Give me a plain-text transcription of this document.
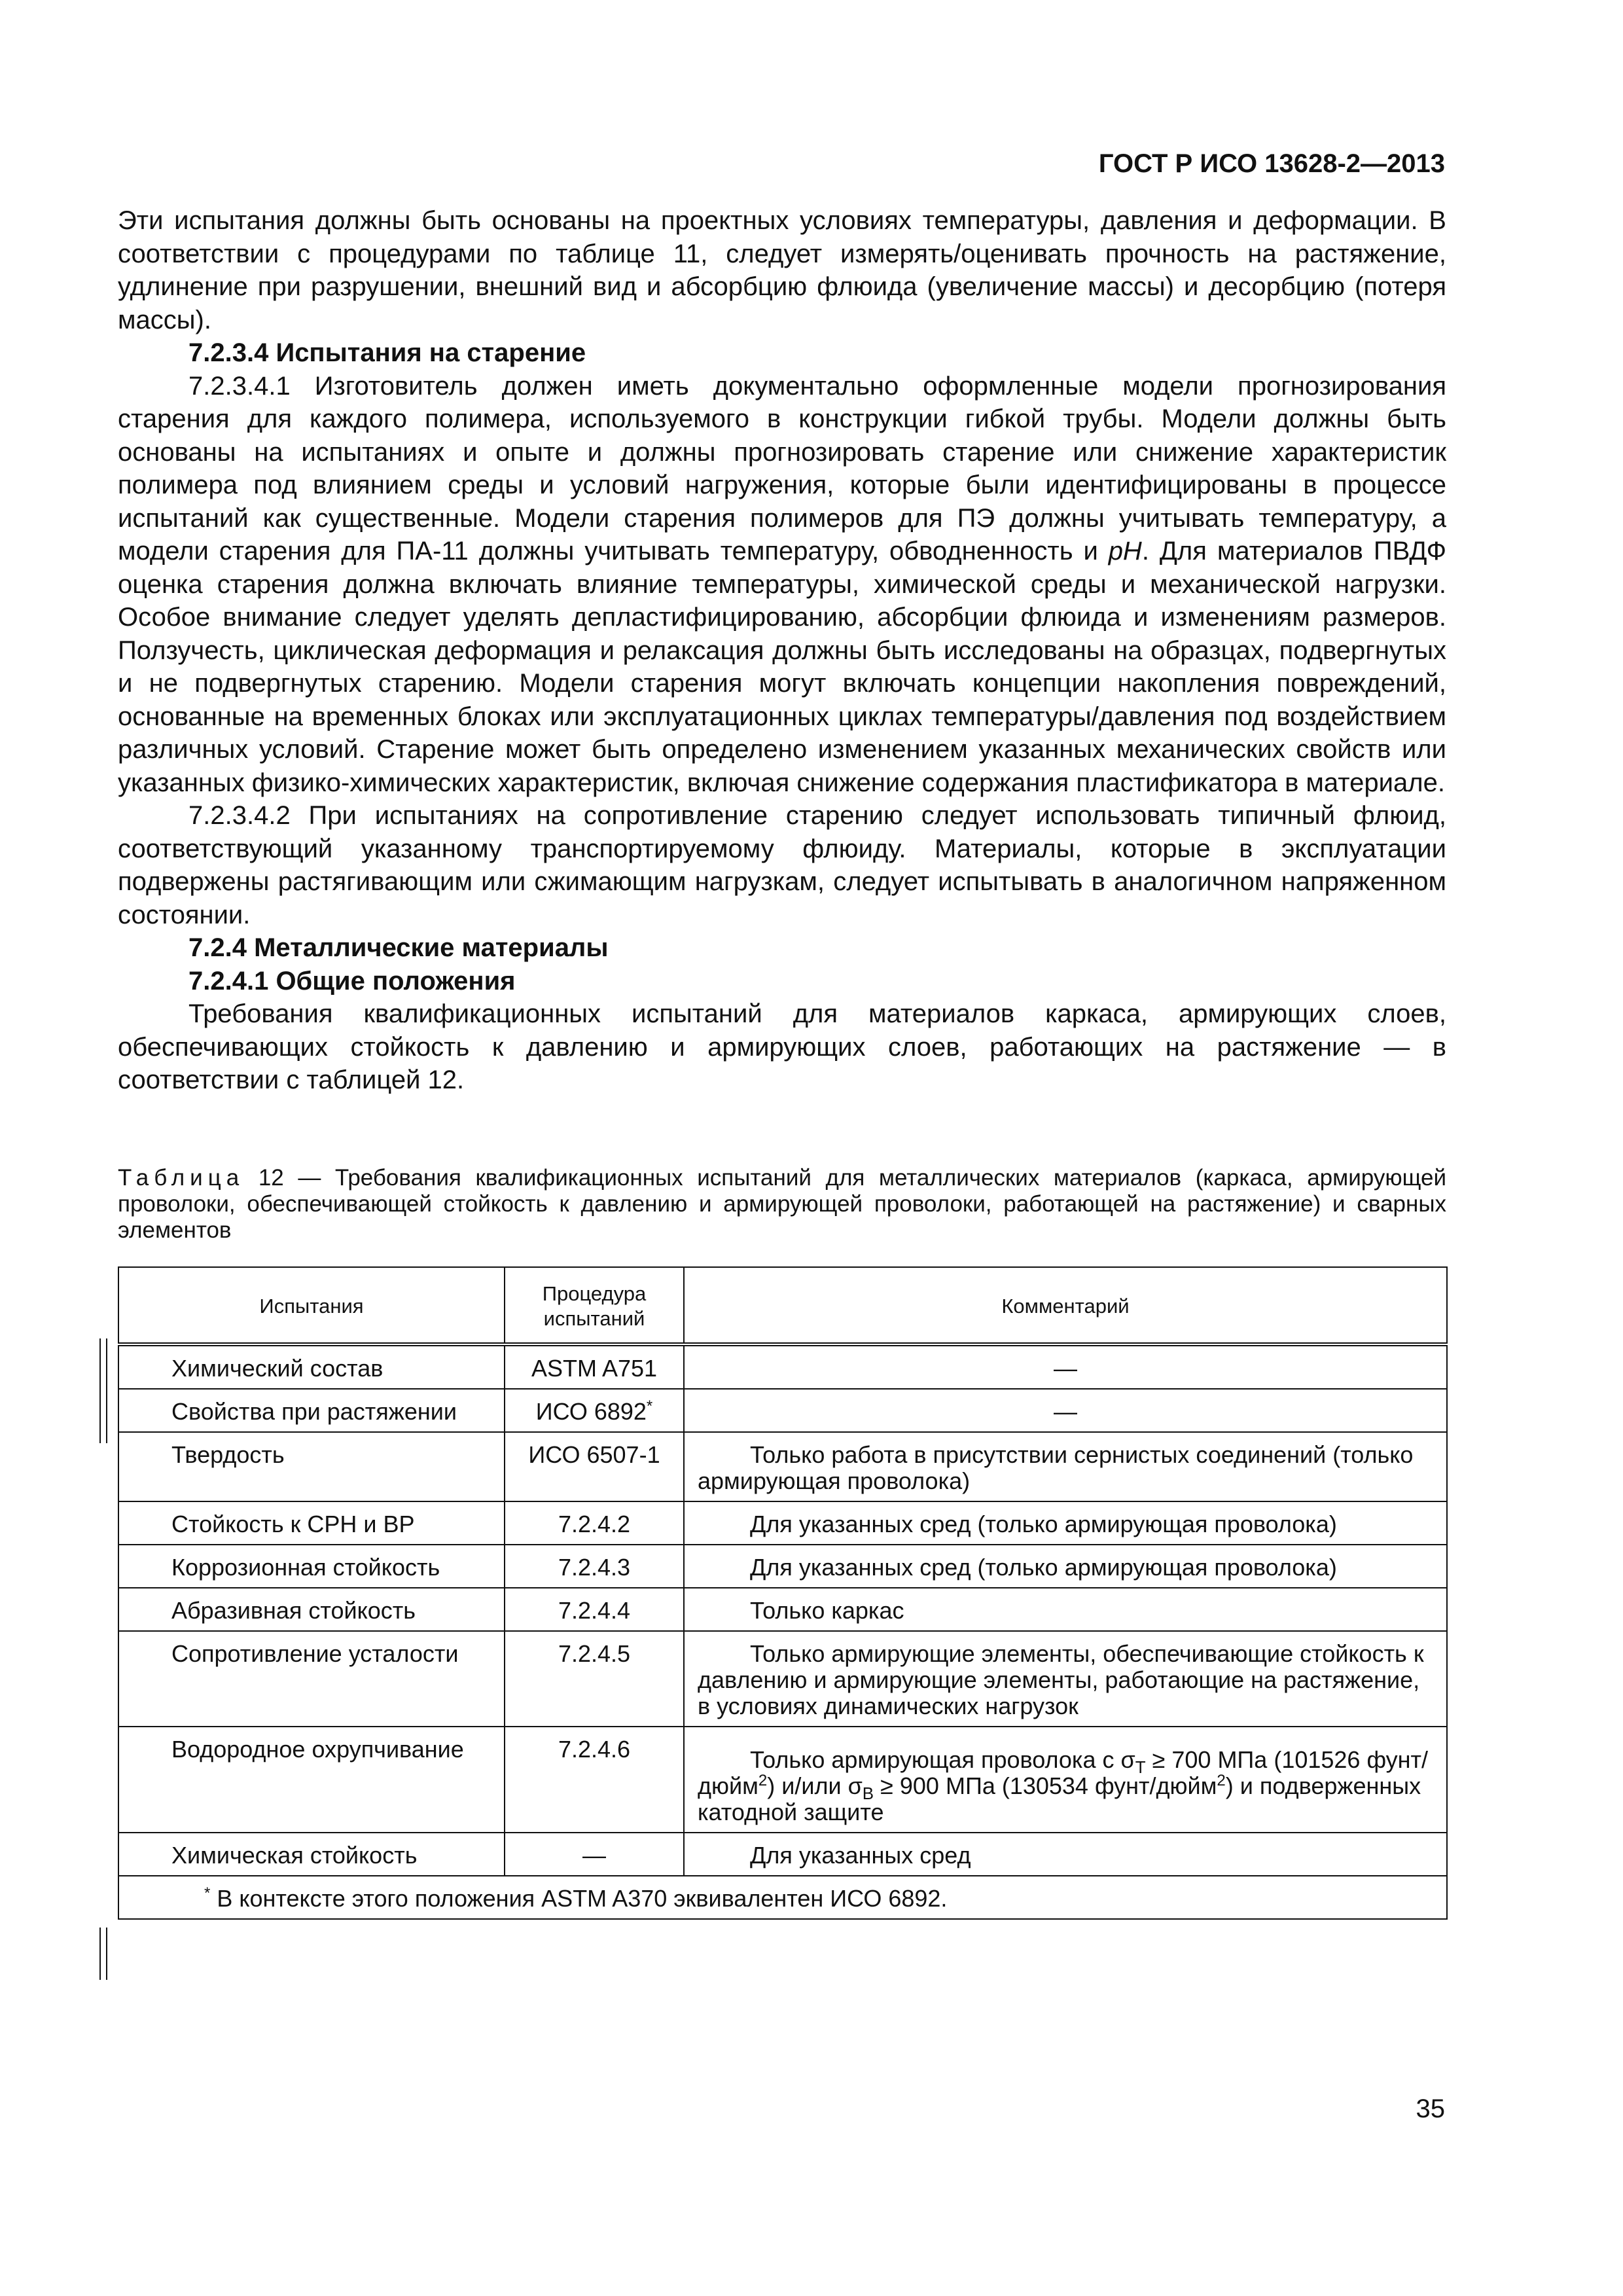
ГОСТ Р ИСО 13628-2—2013

Эти испытания должны быть основаны на проектных условиях температуры, давления и деформации. В соответствии с процедурами по таблице 11, следует измерять/оценивать прочность на растяжение, удлинение при разрушении, внешний вид и абсорбцию флюида (увеличение массы) и десорбцию (потеря массы).

7.2.3.4 Испытания на старение

7.2.3.4.1 Изготовитель должен иметь документально оформленные модели прогнозирования старения для каждого полимера, используемого в конструкции гибкой трубы. Модели должны быть основаны на испытаниях и опыте и должны прогнозировать старение или снижение характеристик полимера под влиянием среды и условий нагружения, которые были идентифицированы в процессе испытаний как существенные. Модели старения полимеров для ПЭ должны учитывать температуру, а модели старения для ПА-11 должны учитывать температуру, обводненность и pH. Для материалов ПВДФ оценка старения должна включать влияние температуры, химической среды и механической нагрузки. Особое внимание следует уделять депластифицированию, абсорбции флюида и изменениям размеров. Ползучесть, циклическая деформация и релаксация должны быть исследованы на образцах, подвергнутых и не подвергнутых старению. Модели старения могут включать концепции накопления повреждений, основанные на временных блоках или эксплуатационных циклах температуры/давления под воздействием различных условий. Старение может быть определено изменением указанных механических свойств или указанных физико-химических характеристик, включая снижение содержания пластификатора в материале.

7.2.3.4.2 При испытаниях на сопротивление старению следует использовать типичный флюид, соответствующий указанному транспортируемому флюиду. Материалы, которые в эксплуатации подвержены растягивающим или сжимающим нагрузкам, следует испытывать в аналогичном напряженном состоянии.

7.2.4 Металлические материалы

7.2.4.1 Общие положения

Требования квалификационных испытаний для материалов каркаса, армирующих слоев, обеспечивающих стойкость к давлению и армирующих слоев, работающих на растяжение — в соответствии с таблицей 12.

Таблица 12 — Требования квалификационных испытаний для металлических материалов (каркаса, армирующей проволоки, обеспечивающей стойкость к давлению и армирующей проволоки, работающей на растяжение) и сварных элементов
Испытания	Процедура испытаний	Комментарий
Химический состав	ASTM A751	—
Свойства при растяжении	ИСО 6892*	—
Твердость	ИСО 6507-1	Только работа в присутствии сернистых соединений (только армирующая проволока)

Стойкость к СРН и ВР	7.2.4.2	Для указанных сред (только армирующая проволока)

Коррозионная стойкость	7.2.4.3	Для указанных сред (только армирующая проволока)

Абразивная стойкость	7.2.4.4	Только каркас

Сопротивление усталости	7.2.4.5	Только армирующие элементы, обеспечивающие стойкость к давлению и армирующие элементы, работающие на растяжение, в условиях динамических нагрузок

Водородное охрупчивание	7.2.4.6	Только армирующая проволока с $\sigma_T \ge 700$ МПа (101526 фунт/дюйм$^2$) и/или $\sigma_B \ge 900$ МПа (130534 фунт/дюйм$^2$) и подверженных катодной защите

Химическая стойкость	—	Для указанных сред

* В контексте этого положения ASTM A370 эквивалентен ИСО 6892.		
35
